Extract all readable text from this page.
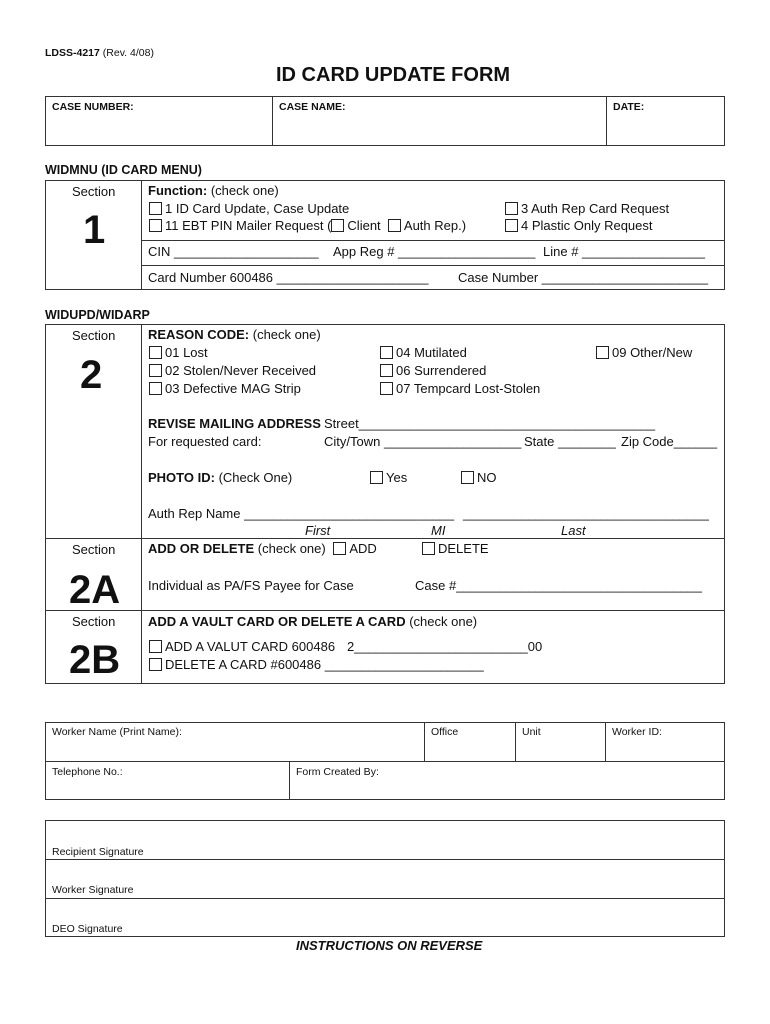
LDSS-4217 (Rev. 4/08)
ID CARD UPDATE FORM
CASE NUMBER:	CASE NAME:	DATE:
WIDMNU (ID CARD MENU)
Section
1
Function: (check one)
1 ID Card Update, Case Update
11 EBT PIN Mailer Request ( Client Auth Rep.)
3 Auth Rep Card Request
4 Plastic Only Request
CIN ____________________ App Reg # ___________________ Line # _________________
Card Number 600486 _____________________ Case Number _______________________
WIDUPD/WIDARP
Section
2
REASON CODE: (check one)
01 Lost
02 Stolen/Never Received
03 Defective MAG Strip
04 Mutilated
06 Surrendered
07 Tempcard Lost-Stolen
09 Other/New
REVISE MAILING ADDRESS Street_________________________________________
For requested card:	City/Town ___________________ State ________ Zip Code______
PHOTO ID: (Check One)	Yes	NO
Auth Rep Name ________________________ _____ __________________________________
First	MI	Last
Section
2A
ADD OR DELETE (check one) ADD	DELETE
Individual as PA/FS Payee for Case	Case #__________________________________
Section
2B
ADD A VAULT CARD OR DELETE A CARD (check one)
ADD A VALUT CARD 600486 2________________________00
DELETE A CARD #600486 ______________________
Worker Name (Print Name):	Office	Unit	Worker ID:
Telephone No.:	Form Created By:
Recipient Signature
Worker Signature
DEO Signature
INSTRUCTIONS ON REVERSE
